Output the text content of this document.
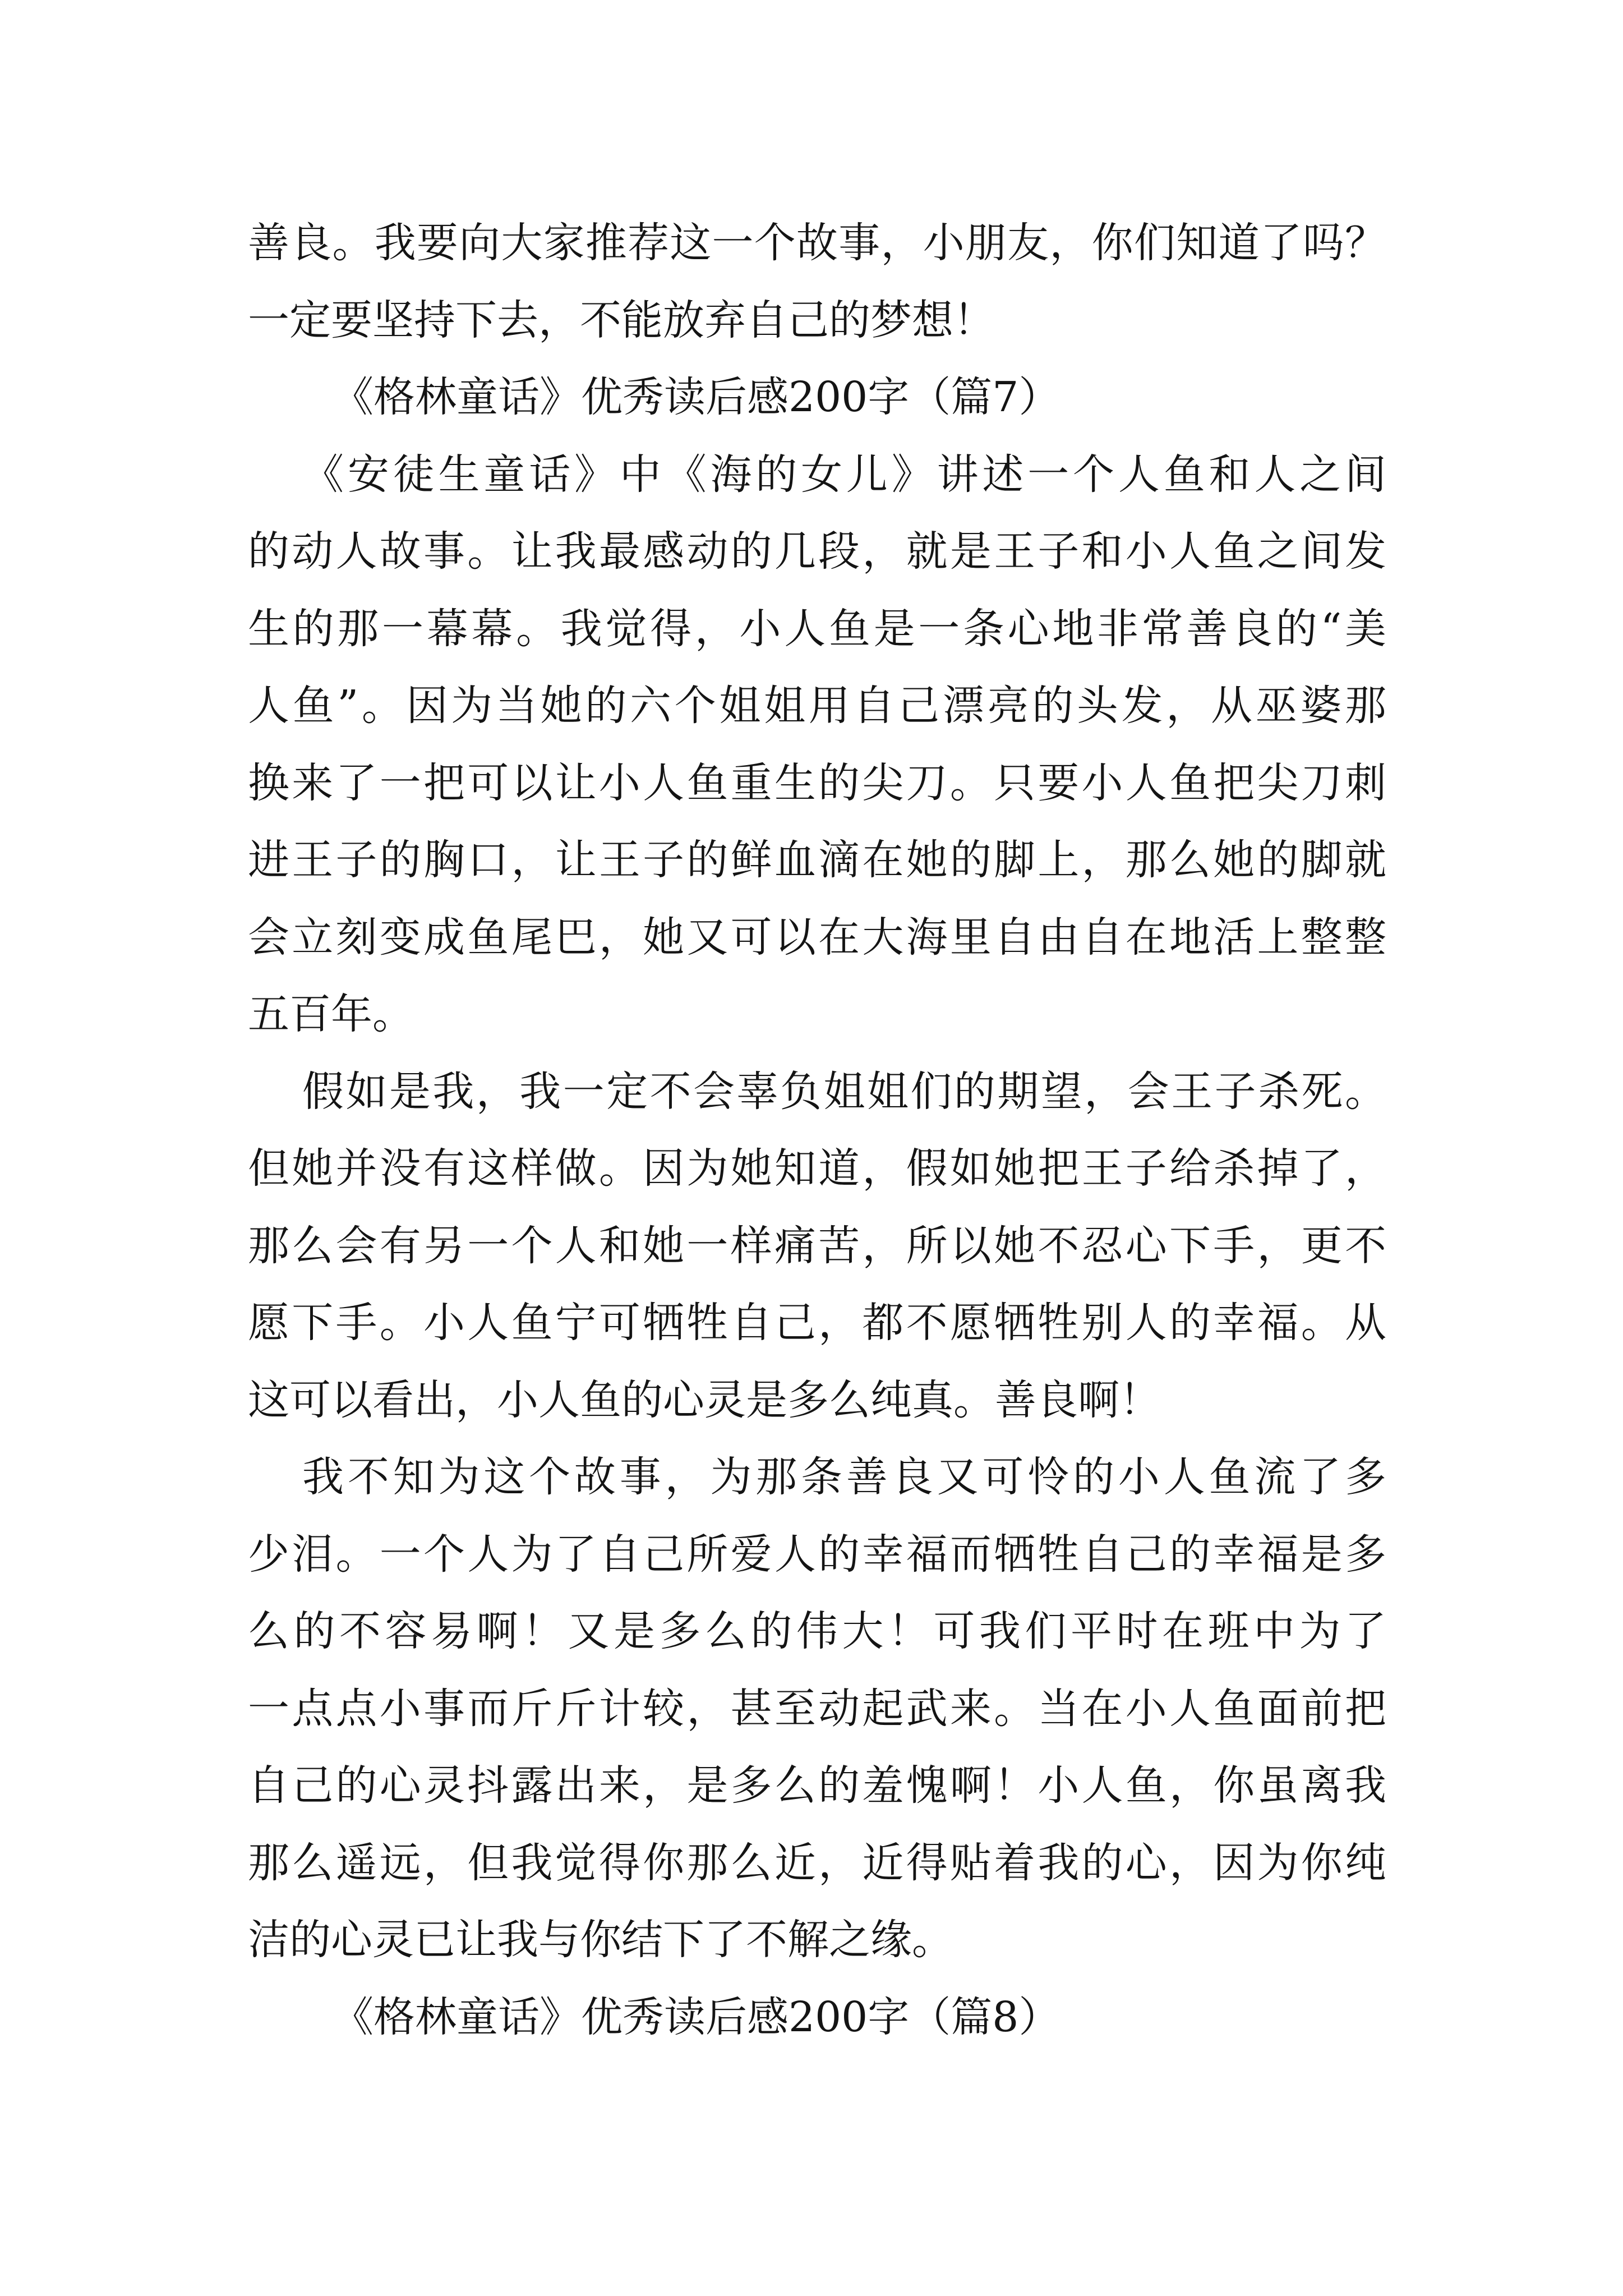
善良。我要向大家推荐这一个故事，小朋友，你们知道了吗？
一定要坚持下去，不能放弃自己的梦想！
《格林童话》优秀读后感200字（篇7）
《安徒生童话》中《海的女儿》讲述一个人鱼和人之间
的动人故事。让我最感动的几段，就是王子和小人鱼之间发
生的那一幕幕。我觉得，小人鱼是一条心地非常善良的“美
人鱼”。因为当她的六个姐姐用自己漂亮的头发，从巫婆那
换来了一把可以让小人鱼重生的尖刀。只要小人鱼把尖刀刺
进王子的胸口，让王子的鲜血滴在她的脚上，那么她的脚就
会立刻变成鱼尾巴，她又可以在大海里自由自在地活上整整
五百年。
假如是我，我一定不会辜负姐姐们的期望，会王子杀死。
但她并没有这样做。因为她知道，假如她把王子给杀掉了，
那么会有另一个人和她一样痛苦，所以她不忍心下手，更不
愿下手。小人鱼宁可牺牲自己，都不愿牺牲别人的幸福。从
这可以看出，小人鱼的心灵是多么纯真。善良啊！
我不知为这个故事，为那条善良又可怜的小人鱼流了多
少泪。一个人为了自己所爱人的幸福而牺牲自己的幸福是多
么的不容易啊！又是多么的伟大！可我们平时在班中为了
一点点小事而斤斤计较，甚至动起武来。当在小人鱼面前把
自己的心灵抖露出来，是多么的羞愧啊！小人鱼，你虽离我
那么遥远，但我觉得你那么近，近得贴着我的心，因为你纯
洁的心灵已让我与你结下了不解之缘。
《格林童话》优秀读后感200字（篇8）
